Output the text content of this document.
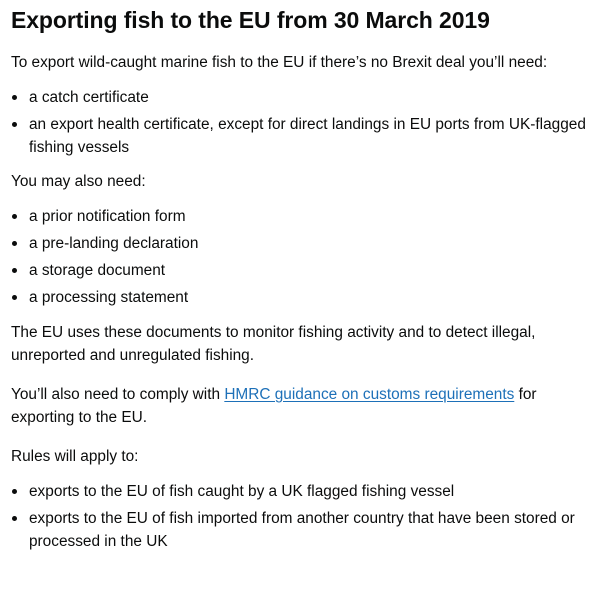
Exporting fish to the EU from 30 March 2019

To export wild-caught marine fish to the EU if there’s no Brexit deal you’ll need:

a catch certificate
an export health certificate, except for direct landings in EU ports from UK-flagged fishing vessels

You may also need:

a prior notification form
a pre-landing declaration
a storage document
a processing statement

The EU uses these documents to monitor fishing activity and to detect illegal, unreported and unregulated fishing.

You’ll also need to comply with HMRC guidance on customs requirements for exporting to the EU.

Rules will apply to:

exports to the EU of fish caught by a UK flagged fishing vessel
exports to the EU of fish imported from another country that have been stored or processed in the UK
